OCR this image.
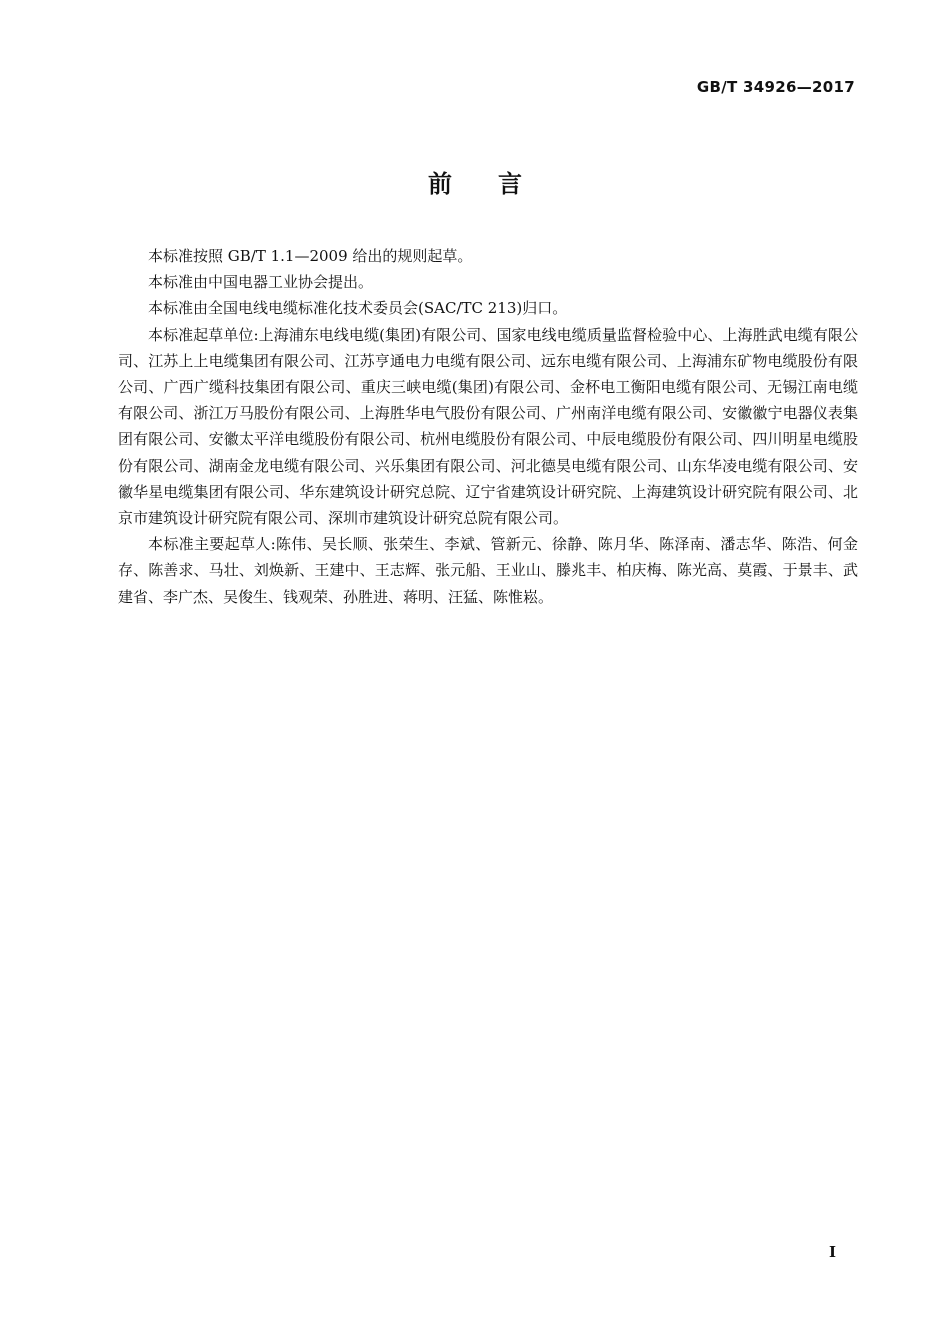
GB/T 34926—2017
前言

本标准按照 GB/T 1.1—2009 给出的规则起草。

本标准由中国电器工业协会提出。

本标准由全国电线电缆标准化技术委员会(SAC/TC 213)归口。

本标准起草单位:上海浦东电线电缆(集团)有限公司、国家电线电缆质量监督检验中心、上海胜武电缆有限公司、江苏上上电缆集团有限公司、江苏亨通电力电缆有限公司、远东电缆有限公司、上海浦东矿物电缆股份有限公司、广西广缆科技集团有限公司、重庆三峡电缆(集团)有限公司、金杯电工衡阳电缆有限公司、无锡江南电缆有限公司、浙江万马股份有限公司、上海胜华电气股份有限公司、广州南洋电缆有限公司、安徽徽宁电器仪表集团有限公司、安徽太平洋电缆股份有限公司、杭州电缆股份有限公司、中辰电缆股份有限公司、四川明星电缆股份有限公司、湖南金龙电缆有限公司、兴乐集团有限公司、河北德昊电缆有限公司、山东华凌电缆有限公司、安徽华星电缆集团有限公司、华东建筑设计研究总院、辽宁省建筑设计研究院、上海建筑设计研究院有限公司、北京市建筑设计研究院有限公司、深圳市建筑设计研究总院有限公司。

本标准主要起草人:陈伟、吴长顺、张荣生、李斌、管新元、徐静、陈月华、陈泽南、潘志华、陈浩、何金存、陈善求、马壮、刘焕新、王建中、王志辉、张元船、王业山、滕兆丰、柏庆梅、陈光高、莫霞、于景丰、武建省、李广杰、吴俊生、钱观荣、孙胜进、蒋明、汪猛、陈惟崧。

I
